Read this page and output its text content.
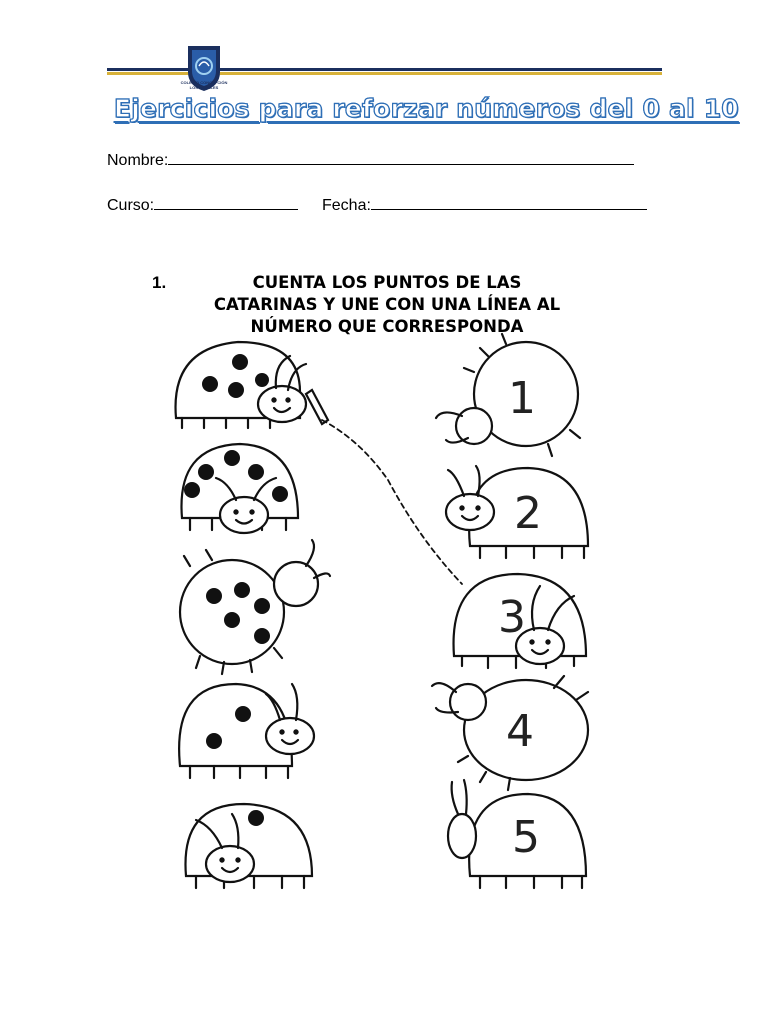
COLEGIO CONCEPCIÓN
LOS ÁNGELES
Ejercicios para reforzar números del 0 al 10
Nombre:
Curso:	Fecha:
1.	CUENTA LOS PUNTOS DE LAS
CATARINAS Y UNE CON UNA LÍNEA AL
NÚMERO QUE CORRESPONDA
1
2
3
4
5
